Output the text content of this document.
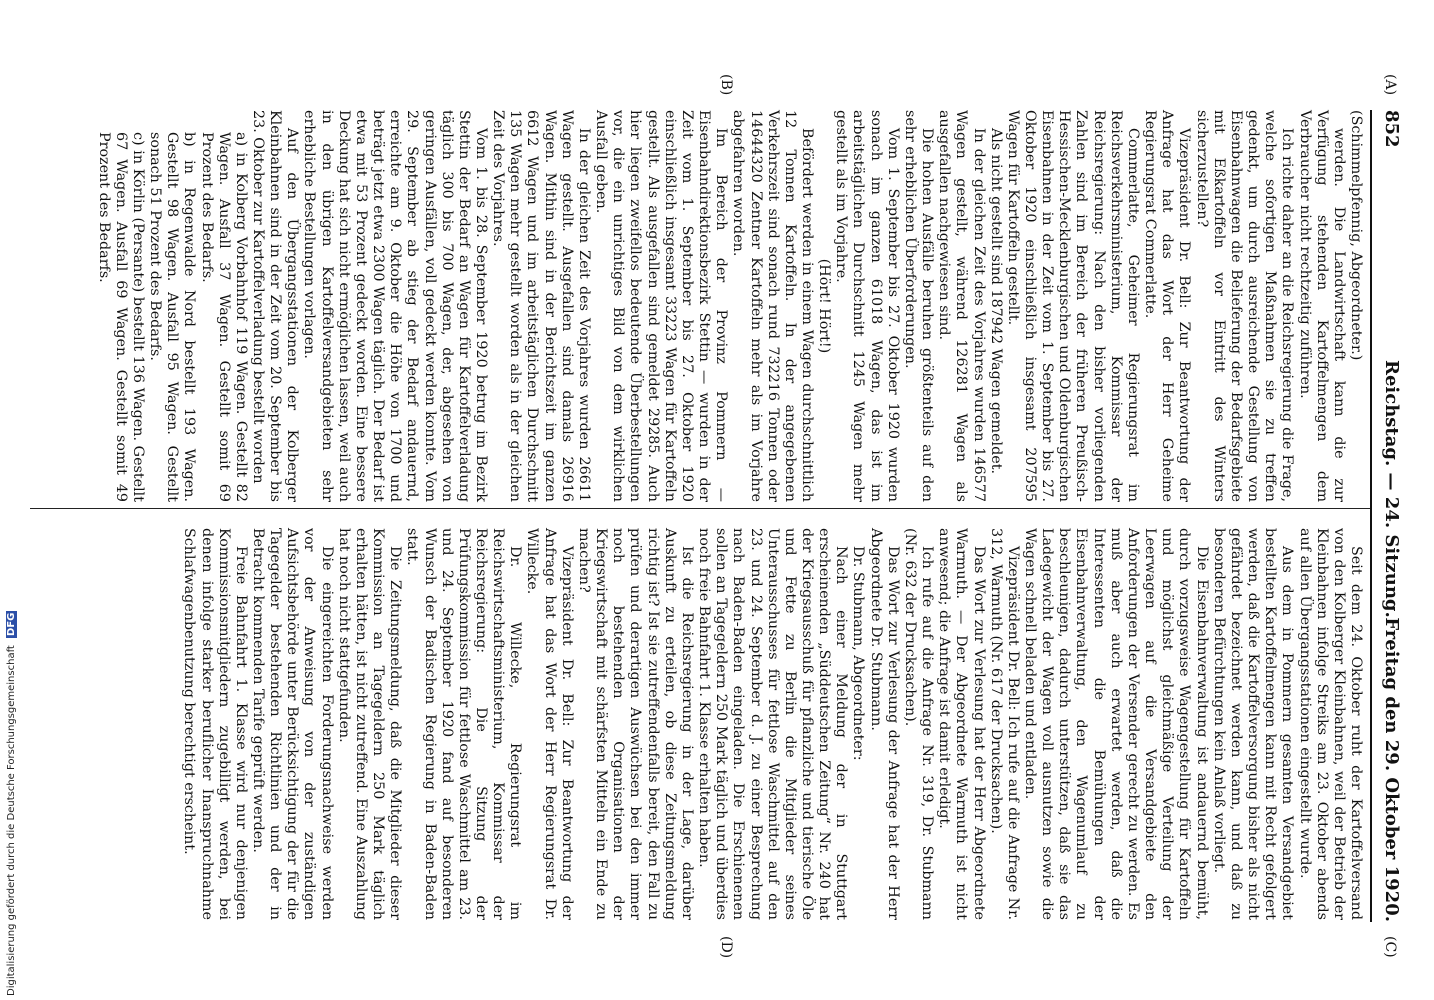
852
Reichstag. — 24. Sitzung.
Freitag den 29. Oktober 1920.
(A)
(B)
(C)
(D)

(Schimmelpfennig, Abgeordneter.)

werden. Die Landwirtschaft kann die zur Verfügung stehenden Kartoffelmengen dem Verbraucher nicht rechtzeitig zuführen.

Ich richte daher an die Reichsregierung die Frage, welche sofortigen Maßnahmen sie zu treffen gedenkt, um durch ausreichende Gestellung von Eisenbahnwagen die Belieferung der Bedarfsgebiete mit Eßkartoffeln vor Eintritt des Winters sicherzustellen?

Vizepräsident Dr. Bell: Zur Beantwortung der Anfrage hat das Wort der Herr Geheime Regierungsrat Commerlatte.

Commerlatte, Geheimer Regierungsrat im Reichsverkehrsministerium, Kommissar der Reichsregierung: Nach den bisher vorliegenden Zahlen sind im Bereich der früheren Preußisch-Hessischen-Mecklenburgischen und Oldenburgischen Eisenbahnen in der Zeit vom 1. September bis 27. Oktober 1920 einschließlich insgesamt 207595 Wagen für Kartoffeln gestellt.

Als nicht gestellt sind 187942 Wagen gemeldet.

In der gleichen Zeit des Vorjahres wurden 146577 Wagen gestellt, während 126281 Wagen als ausgefallen nachgewiesen sind.

Die hohen Ausfälle beruhen größtenteils auf den sehr erheblichen Überforderungen.

Vom 1. September bis 27. Oktober 1920 wurden sonach im ganzen 61018 Wagen, das ist im arbeitstäglichen Durchschnitt 1245 Wagen mehr gestellt als im Vorjahre.

(Hört! Hört!)

Befördert werden in einem Wagen durchschnittlich 12 Tonnen Kartoffeln. In der angegebenen Verkehrszeit sind sonach rund 732216 Tonnen oder 14644320 Zentner Kartoffeln mehr als im Vorjahre abgefahren worden.

Im Bereich der Provinz Pommern — Eisenbahndirektionsbezirk Stettin — wurden in der Zeit vom 1. September bis 27. Oktober 1920 einschließlich insgesamt 33223 Wagen für Kartoffeln gestellt. Als ausgefallen sind gemeldet 29285. Auch hier liegen zweifellos bedeutende Überbestellungen vor, die ein unrichtiges Bild von dem wirklichen Ausfall geben.

In der gleichen Zeit des Vorjahres wurden 26611 Wagen gestellt. Ausgefallen sind damals 26916 Wagen. Mithin sind in der Berichtszeit im ganzen 6612 Wagen und im arbeitstäglichen Durchschnitt 135 Wagen mehr gestellt worden als in der gleichen Zeit des Vorjahres.

Vom 1. bis 28. September 1920 betrug im Bezirk Stettin der Bedarf an Wagen für Kartoffelverladung täglich 300 bis 700 Wagen, der, abgesehen von geringen Ausfällen, voll gedeckt werden konnte. Vom 29. September ab stieg der Bedarf andauernd, erreichte am 9. Oktober die Höhe von 1700 und beträgt jetzt etwa 2300 Wagen täglich. Der Bedarf ist etwa mit 53 Prozent gedeckt worden. Eine bessere Deckung hat sich nicht ermöglichen lassen, weil auch in den übrigen Kartoffelversandgebieten sehr erhebliche Bestellungen vorlagen.

Auf den Übergangsstationen der Kolberger Kleinbahnen sind in der Zeit vom 20. September bis 23. Oktober zur Kartoffelverladung bestellt worden

a) in Kolberg Vorbahnhof 119 Wagen. Gestellt 82 Wagen. Ausfall 37 Wagen. Gestellt somit 69 Prozent des Bedarfs.

b) in Regenwalde Nord bestellt 193 Wagen. Gestellt 98 Wagen. Ausfall 95 Wagen. Gestellt sonach 51 Prozent des Bedarfs.

c) in Körlin (Persante) bestellt 136 Wagen. Gestellt 67 Wagen. Ausfall 69 Wagen. Gestellt somit 49 Prozent des Bedarfs.

Seit dem 24. Oktober ruht der Kartoffelversand von den Kolberger Kleinbahnen, weil der Betrieb der Kleinbahnen infolge Streiks am 23. Oktober abends auf allen Übergangsstationen eingestellt wurde.

Aus dem in Pommern gesamten Versandgebiet bestellten Kartoffelmengen kann mit Recht gefolgert werden, daß die Kartoffelversorgung bisher als nicht gefährdet bezeichnet werden kann, und daß zu besonderen Befürchtungen kein Anlaß vorliegt.

Die Eisenbahnverwaltung ist andauernd bemüht, durch vorzugsweise Wagengestellung für Kartoffeln und möglichst gleichmäßige Verteilung der Leerwagen auf die Versandgebiete den Anforderungen der Versender gerecht zu werden. Es muß aber auch erwartet werden, daß die Interessenten die Bemühungen der Eisenbahnverwaltung, den Wagenumlauf zu beschleunigen, dadurch unterstützen, daß sie das Ladegewicht der Wagen voll ausnutzen sowie die Wagen schnell beladen und entladen.

Vizepräsident Dr. Bell: Ich rufe auf die Anfrage Nr. 312, Warmuth (Nr. 617 der Drucksachen).

Das Wort zur Verlesung hat der Herr Abgeordnete Warmuth. — Der Abgeordnete Warmuth ist nicht anwesend; die Anfrage ist damit erledigt.

Ich rufe auf die Anfrage Nr. 319, Dr. Stubmann (Nr. 632 der Drucksachen).

Das Wort zur Verlesung der Anfrage hat der Herr Abgeordnete Dr. Stubmann.

Dr. Stubmann, Abgeordneter:

Nach einer Meldung der in Stuttgart erscheinenden „Süddeutschen Zeitung“ Nr. 240 hat der Kriegsausschuß für pflanzliche und tierische Öle und Fette zu Berlin die Mitglieder seines Unterausschusses für fettlose Waschmittel auf den 23. und 24. September d. J. zu einer Besprechung nach Baden-Baden eingeladen. Die Erschienenen sollen an Tagegeldern 250 Mark täglich und überdies noch freie Bahnfahrt 1. Klasse erhalten haben.

Ist die Reichsregierung in der Lage, darüber Auskunft zu erteilen, ob diese Zeitungsmeldung richtig ist? Ist sie zutreffendenfalls bereit, den Fall zu prüfen und derartigen Auswüchsen bei den immer noch bestehenden Organisationen der Kriegswirtschaft mit schärfsten Mitteln ein Ende zu machen?

Vizepräsident Dr. Bell: Zur Beantwortung der Anfrage hat das Wort der Herr Regierungsrat Dr. Willecke.

Dr. Willecke, Regierungsrat im Reichswirtschaftsministerium, Kommissar der Reichsregierung: Die Sitzung der Prüfungskommission für fettlose Waschmittel am 23. und 24. September 1920 fand auf besonderen Wunsch der Badischen Regierung in Baden-Baden statt.

Die Zeitungsmeldung, daß die Mitglieder dieser Kommission an Tagegeldern 250 Mark täglich erhalten hätten, ist nicht zutreffend. Eine Auszahlung hat noch nicht stattgefunden.

Die eingereichten Forderungsnachweise werden vor der Anweisung von der zuständigen Aufsichtsbehörde unter Berücksichtigung der für die Tagegelder bestehenden Richtlinien und der in Betracht kommenden Tarife geprüft werden.

Freie Bahnfahrt 1. Klasse wird nur denjenigen Kommissionsmitgliedern zugebilligt werden, bei denen infolge starker beruflicher Inanspruchnahme Schlafwagenbenutzung berechtigt erscheint.

Digitalisierung gefördert durch die Deutsche Forschungsgemeinschaft DFG
